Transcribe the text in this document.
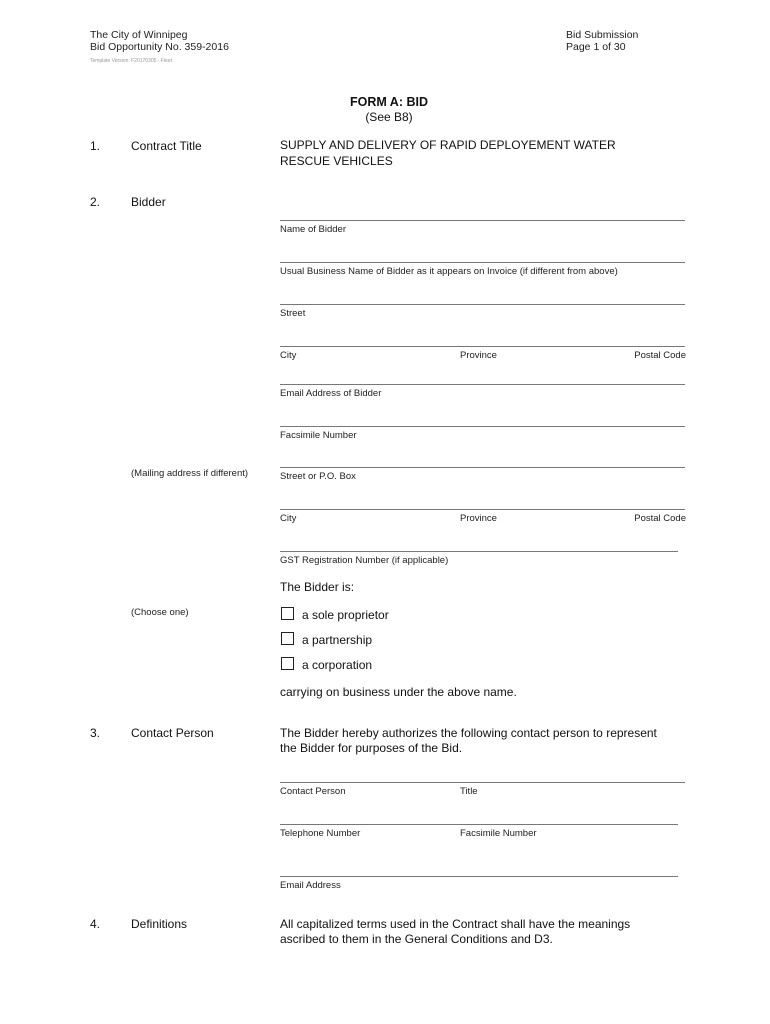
The City of Winnipeg
Bid Opportunity No. 359-2016
Template Version: F20170305 - Fleet
Bid Submission
Page 1 of 30
FORM A: BID
(See B8)
1.	Contract Title	SUPPLY AND DELIVERY OF RAPID DEPLOYEMENT WATER
RESCUE VEHICLES
2.	Bidder
Name of Bidder
Usual Business Name of Bidder as it appears on Invoice (if different from above)
Street
City	Province	Postal Code
Email Address of Bidder
Facsimile Number
(Mailing address if different)	Street or P.O. Box
City	Province	Postal Code
GST Registration Number (if applicable)
The Bidder is:
(Choose one)	a sole proprietor
a partnership
a corporation
carrying on business under the above name.
3.	Contact Person	The Bidder hereby authorizes the following contact person to represent
the Bidder for purposes of the Bid.
Contact Person	Title
Telephone Number	Facsimile Number
Email Address
4.	Definitions	All capitalized terms used in the Contract shall have the meanings
ascribed to them in the General Conditions and D3.
